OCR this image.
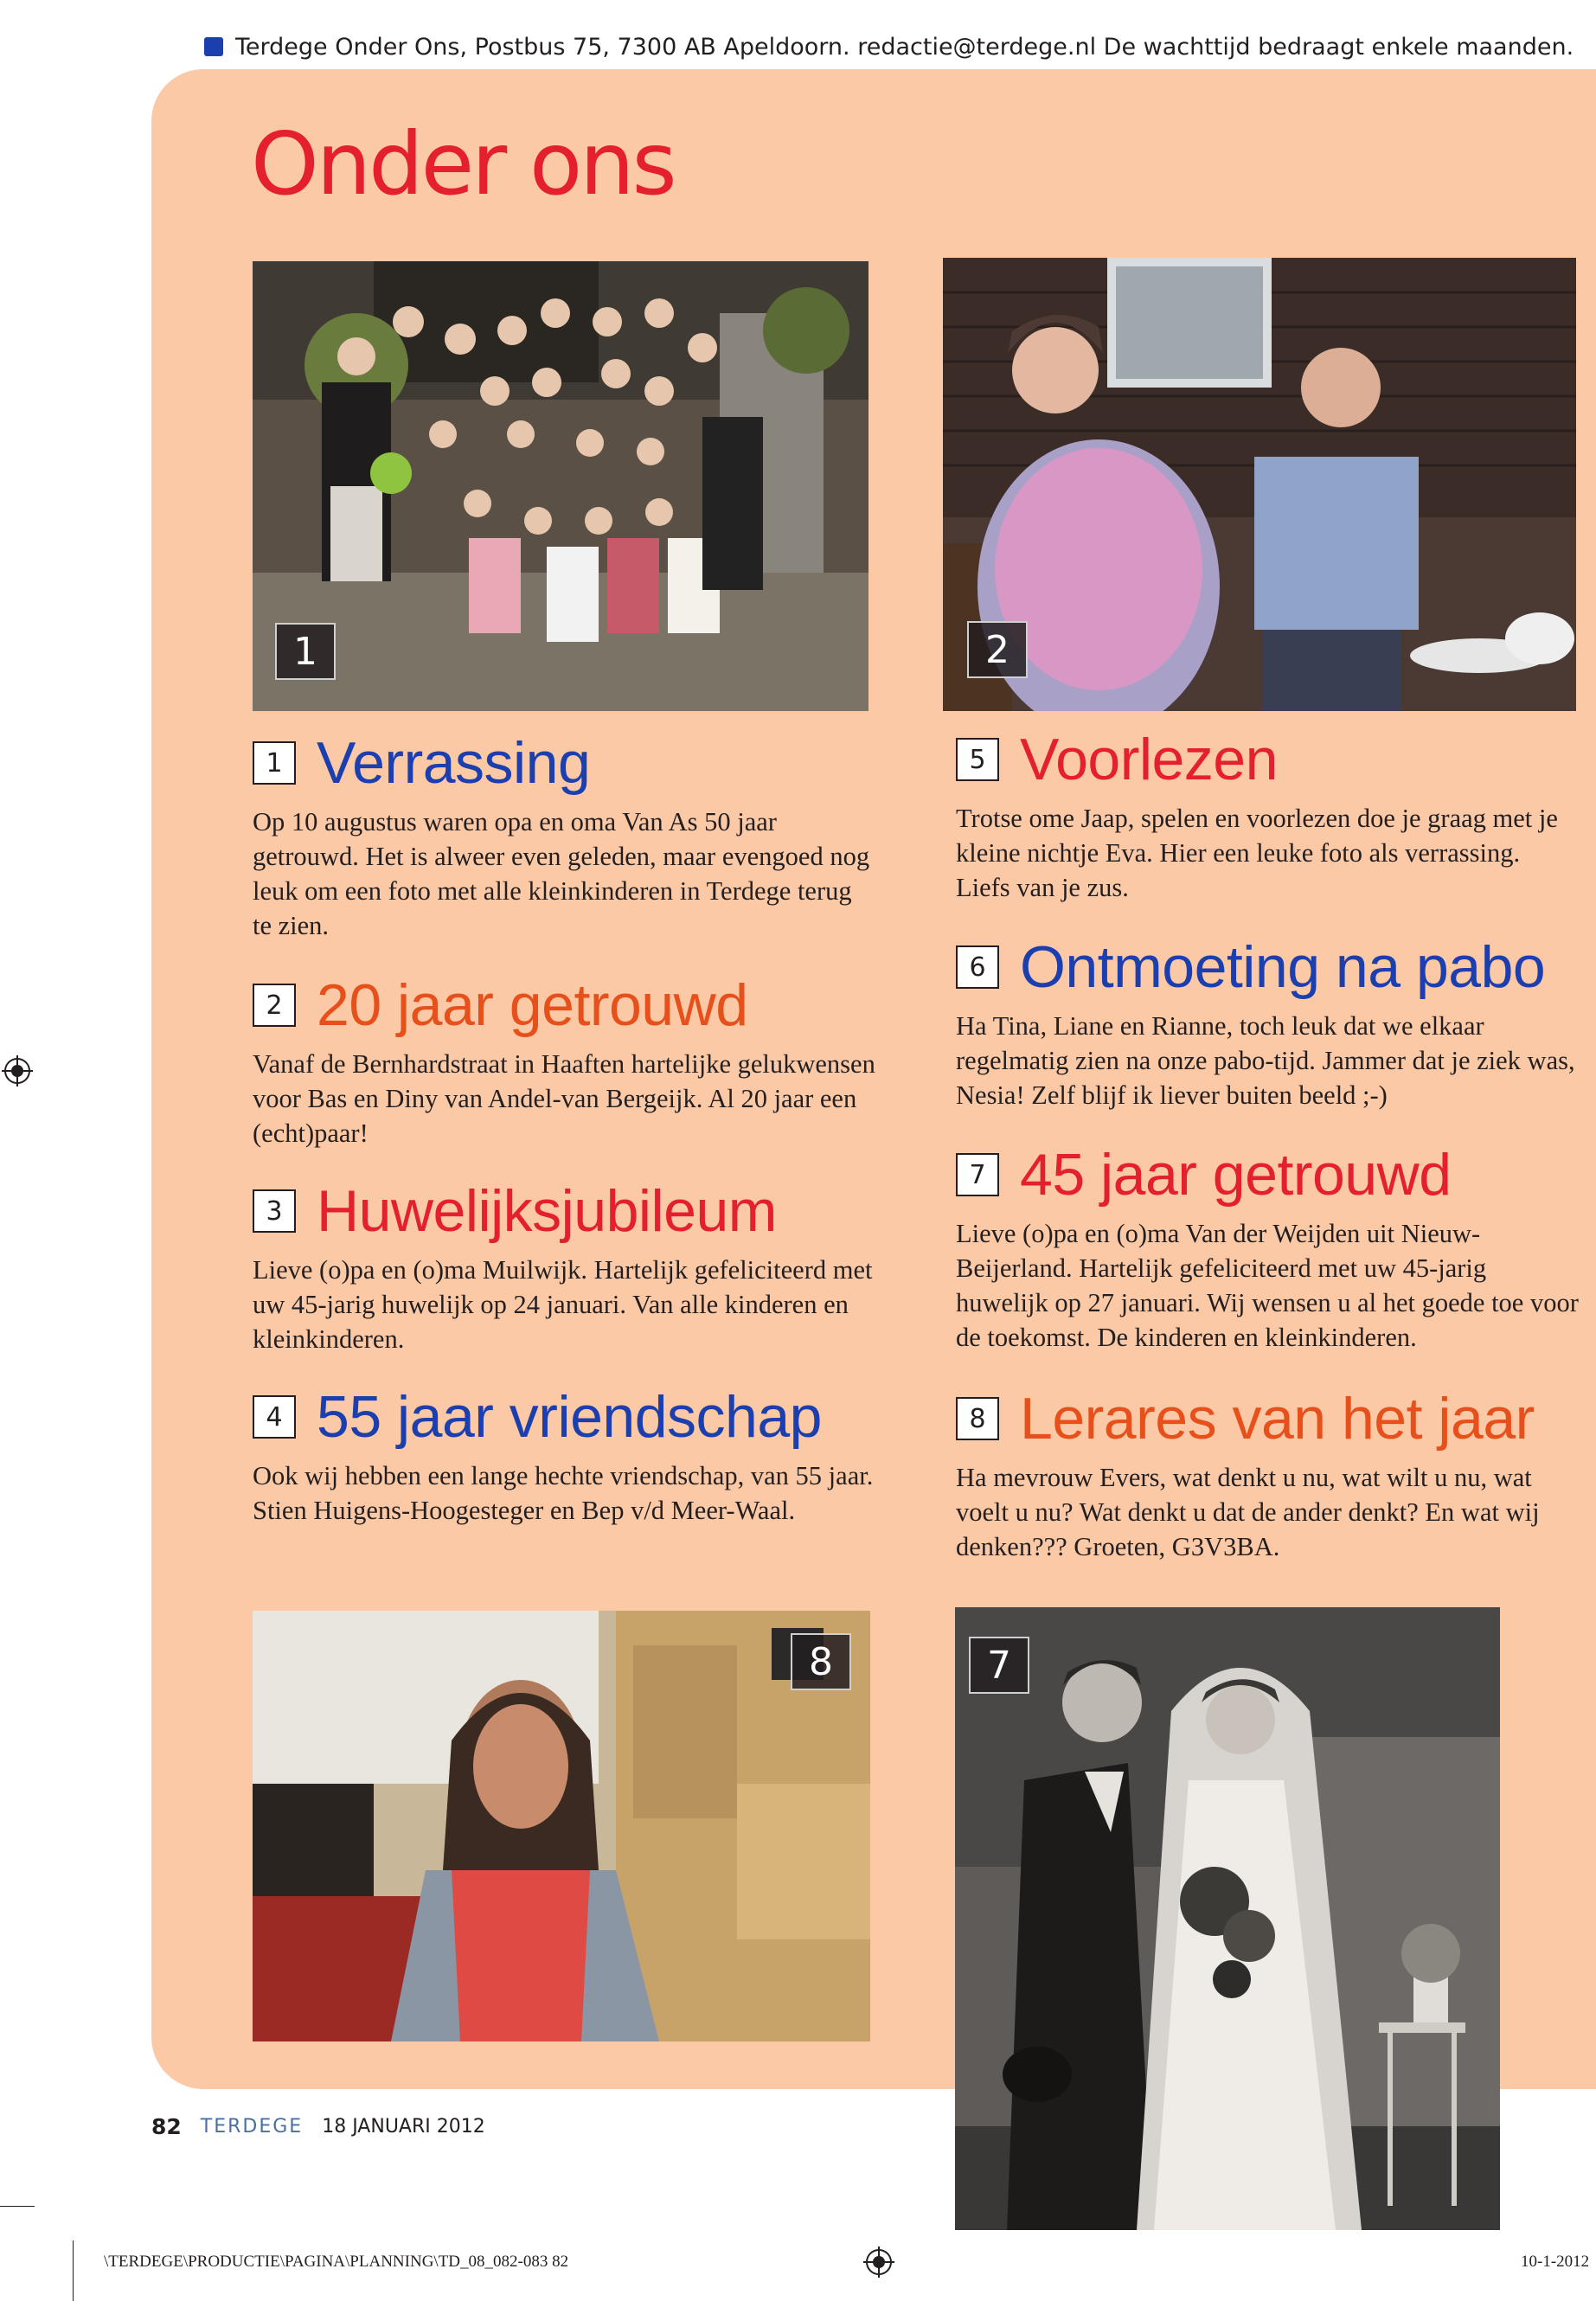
Terdege Onder Ons, Postbus 75, 7300 AB Apeldoorn. redactie@terdege.nl De wachttijd bedraagt enkele maanden.
Onder ons
1	2
1 Verrassing
Op 10 augustus waren opa en oma Van As 50 jaar getrouwd. Het is alweer even geleden, maar evengoed nog leuk om een foto met alle kleinkinderen in Terdege terug te zien.
2 20 jaar getrouwd
Vanaf de Bernhardstraat in Haaften hartelijke gelukwensen voor Bas en Diny van Andel-van Bergeijk. Al 20 jaar een (echt)paar!
3 Huwelijksjubileum
Lieve (o)pa en (o)ma Muilwijk. Hartelijk gefeliciteerd met uw 45-jarig huwelijk op 24 januari. Van alle kinderen en kleinkinderen.
4 55 jaar vriendschap
Ook wij hebben een lange hechte vriendschap, van 55 jaar. Stien Huigens-Hoogesteger en Bep v/d Meer-Waal.
5 Voorlezen
Trotse ome Jaap, spelen en voorlezen doe je graag met je kleine nichtje Eva. Hier een leuke foto als verrassing. Liefs van je zus.
6 Ontmoeting na pabo
Ha Tina, Liane en Rianne, toch leuk dat we elkaar regelmatig zien na onze pabo-tijd. Jammer dat je ziek was, Nesia! Zelf blijf ik liever buiten beeld ;-)
7 45 jaar getrouwd
Lieve (o)pa en (o)ma Van der Weijden uit Nieuw-Beijerland. Hartelijk gefeliciteerd met uw 45-jarig huwelijk op 27 januari. Wij wensen u al het goede toe voor de toekomst. De kinderen en kleinkinderen.
8 Lerares van het jaar
Ha mevrouw Evers, wat denkt u nu, wat wilt u nu, wat voelt u nu? Wat denkt u dat de ander denkt? En wat wij denken??? Groeten, G3V3BA.
8	7
82 TERDEGE 18 JANUARI 2012
\TERDEGE\PRODUCTIE\PAGINA\PLANNING\TD_08_082-083 82	10-1-2012
